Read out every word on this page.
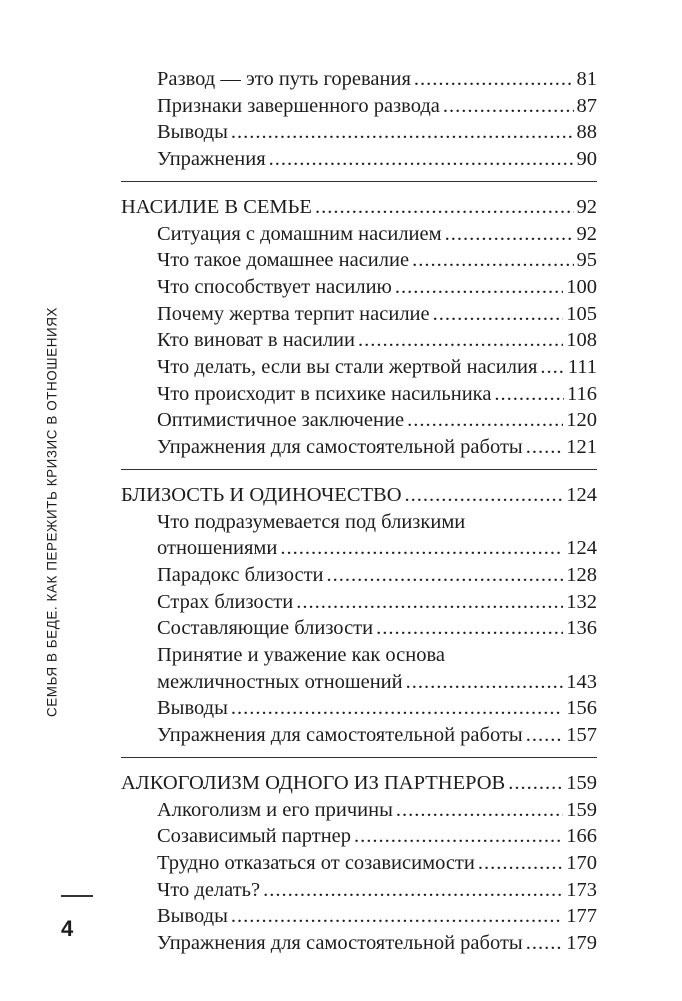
Развод — это путь горевания .....	81
Признаки завершенного развода .....	87
Выводы .....	88
Упражнения .....	90
НАСИЛИЕ В СЕМЬЕ .....	92
Ситуация с домашним насилием .....	92
Что такое домашнее насилие .....	95
Что способствует насилию .....	100
Почему жертва терпит насилие .....	105
Кто виноват в насилии .....	108
Что делать, если вы стали жертвой насилия ..... 111
Что происходит в психике насильника .....	116
Оптимистичное заключение .....	120
Упражнения для самостоятельной работы ..... 121
БЛИЗОСТЬ И ОДИНОЧЕСТВО .....	124
Что подразумевается под близкими
отношениями .....	124
Парадокс близости .....	128
Страх близости .....	132
Составляющие близости .....	136
Принятие и уважение как основа
межличностных отношений .....	143
Выводы .....	156
Упражнения для самостоятельной работы ..... 157
АЛКОГОЛИЗМ ОДНОГО ИЗ ПАРТНЕРОВ .....	159
Алкоголизм и его причины .....	159
Созависимый партнер .....	166
Трудно отказаться от созависимости .....	170
Что делать? .....	173
Выводы .....	177
Упражнения для самостоятельной работы ..... 179
СЕМЬЯ В БЕДЕ. КАК ПЕРЕЖИТЬ КРИЗИС В ОТНОШЕНИЯХ
4
